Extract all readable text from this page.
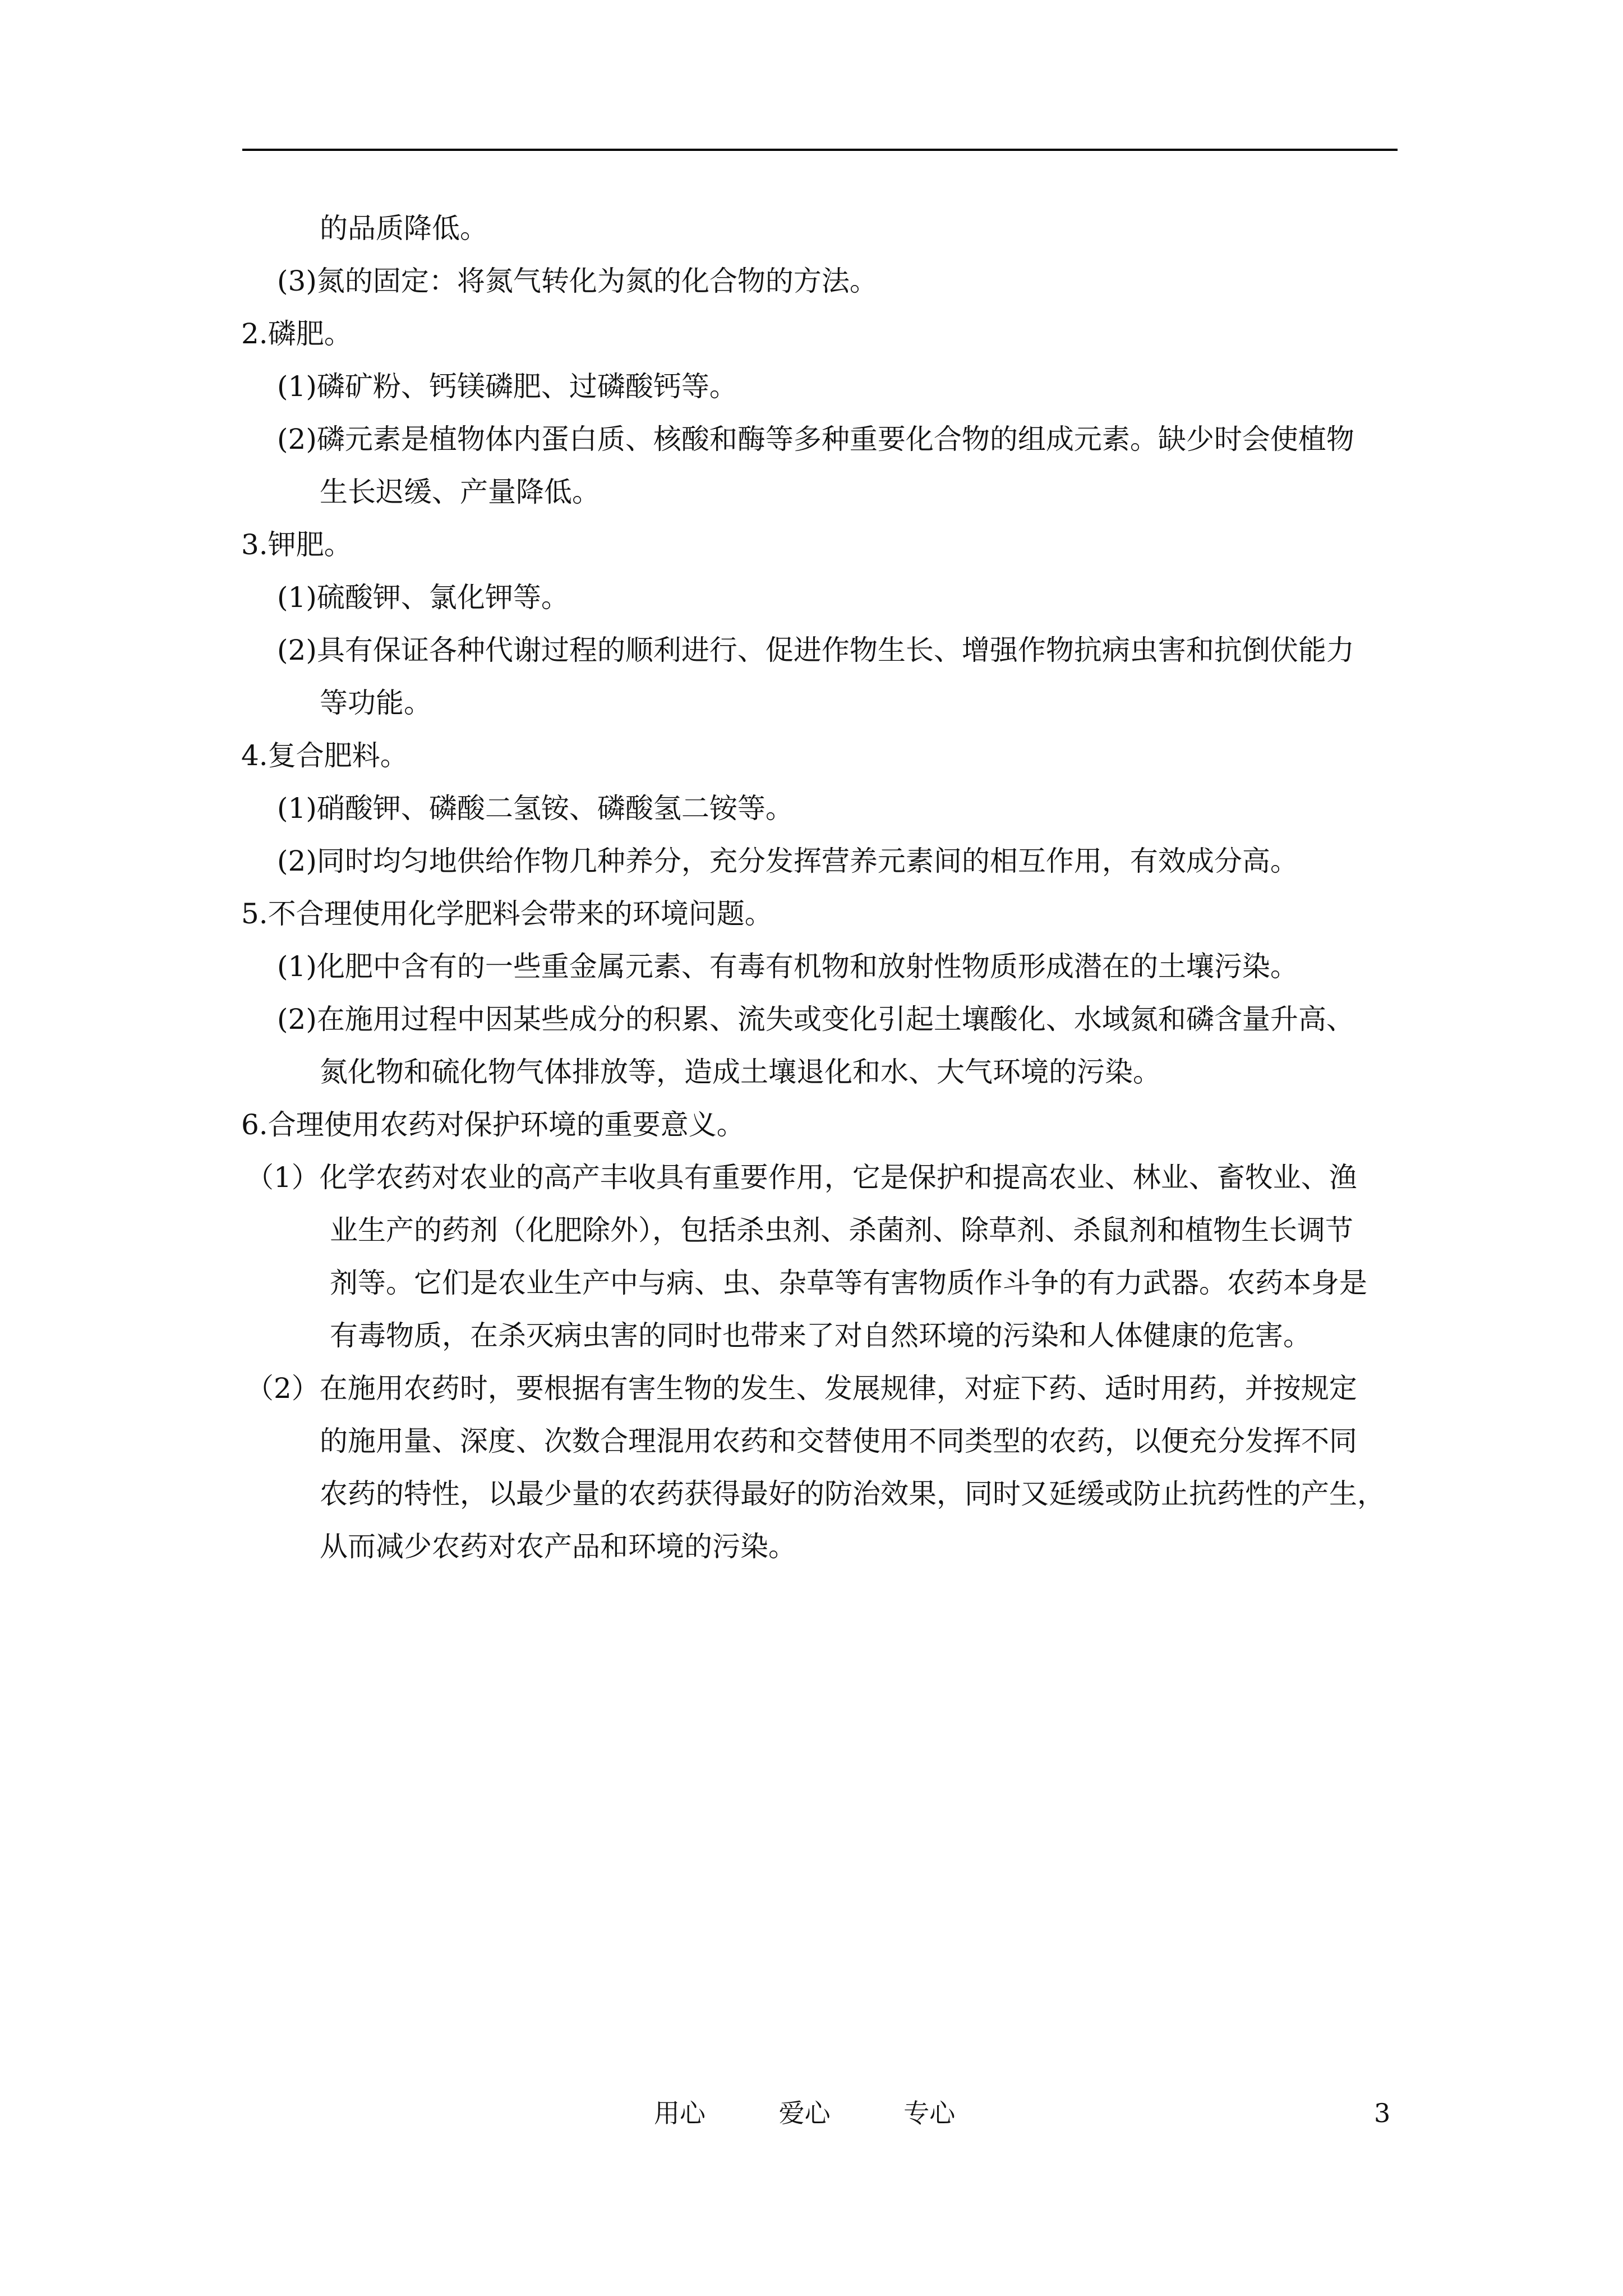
的品质降低。
(3)氮的固定：将氮气转化为氮的化合物的方法。
2.磷肥。
(1)磷矿粉、钙镁磷肥、过磷酸钙等。
(2)磷元素是植物体内蛋白质、核酸和酶等多种重要化合物的组成元素。缺少时会使植物
生长迟缓、产量降低。
3.钾肥。
(1)硫酸钾、氯化钾等。
(2)具有保证各种代谢过程的顺利进行、促进作物生长、增强作物抗病虫害和抗倒伏能力
等功能。
4.复合肥料。
(1)硝酸钾、磷酸二氢铵、磷酸氢二铵等。
(2)同时均匀地供给作物几种养分，充分发挥营养元素间的相互作用，有效成分高。
5.不合理使用化学肥料会带来的环境问题。
(1)化肥中含有的一些重金属元素、有毒有机物和放射性物质形成潜在的土壤污染。
(2)在施用过程中因某些成分的积累、流失或变化引起土壤酸化、水域氮和磷含量升高、
氮化物和硫化物气体排放等，造成土壤退化和水、大气环境的污染。
6.合理使用农药对保护环境的重要意义。
（1）化学农药对农业的高产丰收具有重要作用，它是保护和提高农业、林业、畜牧业、渔
业生产的药剂（化肥除外），包括杀虫剂、杀菌剂、除草剂、杀鼠剂和植物生长调节
剂等。它们是农业生产中与病、虫、杂草等有害物质作斗争的有力武器。农药本身是
有毒物质，在杀灭病虫害的同时也带来了对自然环境的污染和人体健康的危害。
（2）在施用农药时，要根据有害生物的发生、发展规律，对症下药、适时用药，并按规定
的施用量、深度、次数合理混用农药和交替使用不同类型的农药，以便充分发挥不同
农药的特性，以最少量的农药获得最好的防治效果，同时又延缓或防止抗药性的产生，
从而减少农药对农产品和环境的污染。
用心	爱心	专心	3
